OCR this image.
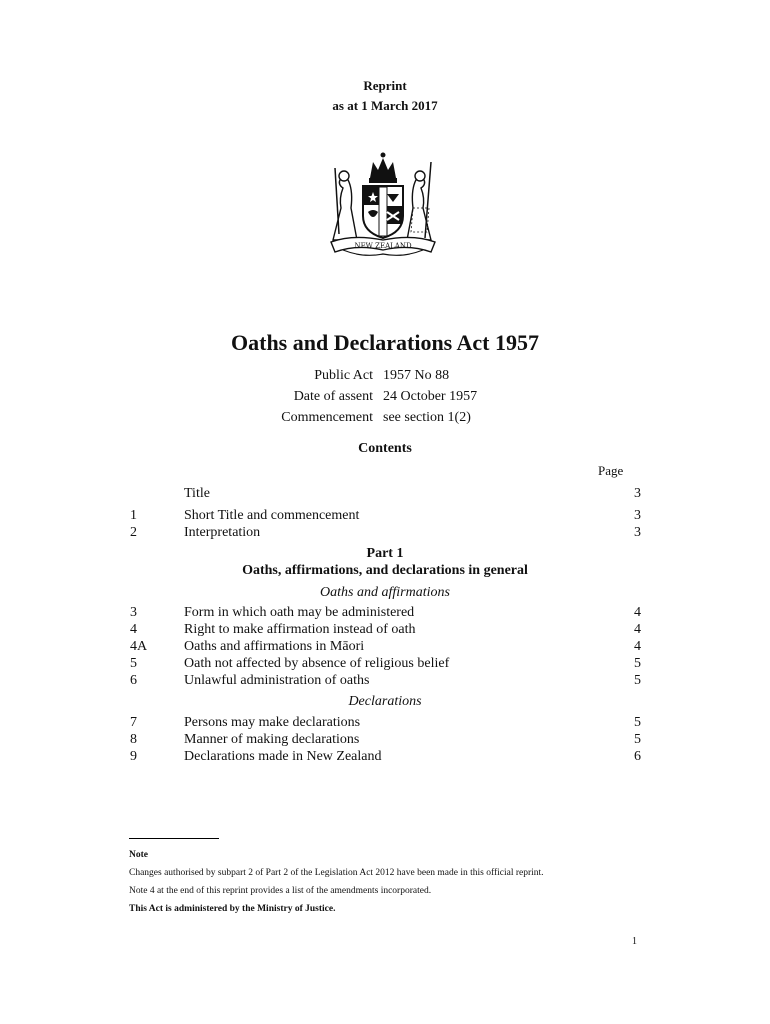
Reprint
as at 1 March 2017
NEW ZEALAND
Oaths and Declarations Act 1957
Public Act 1957 No 88
Date of assent 24 October 1957
Commencement see section 1(2)
Contents
Page
Title	3
1	Short Title and commencement	3
2	Interpretation	3
Part 1
Oaths, affirmations, and declarations in general
Oaths and affirmations
3	Form in which oath may be administered	4
4	Right to make affirmation instead of oath	4
4A	Oaths and affirmations in Māori	4
5	Oath not affected by absence of religious belief	5
6	Unlawful administration of oaths	5
Declarations
7	Persons may make declarations	5
8	Manner of making declarations	5
9	Declarations made in New Zealand	6
Note
Changes authorised by subpart 2 of Part 2 of the Legislation Act 2012 have been made in this official reprint.
Note 4 at the end of this reprint provides a list of the amendments incorporated.
This Act is administered by the Ministry of Justice.
1
